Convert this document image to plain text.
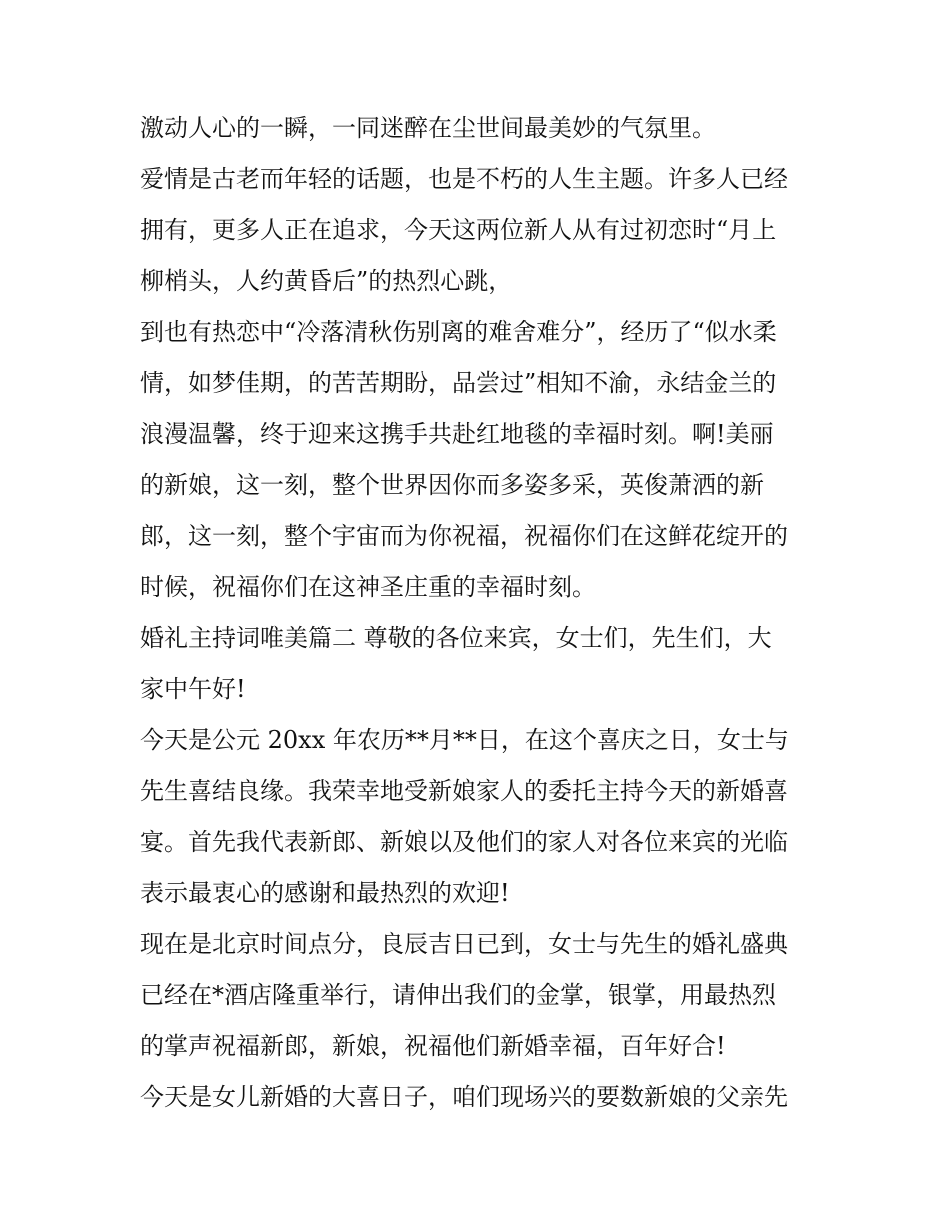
激动人心的一瞬，一同迷醉在尘世间最美妙的气氛里。
爱情是古老而年轻的话题，也是不朽的人生主题。许多人已经
拥有，更多人正在追求，今天这两位新人从有过初恋时“月上
柳梢头，人约黄昏后”的热烈心跳，
到也有热恋中“冷落清秋伤别离的难舍难分”，经历了“似水柔
情，如梦佳期，的苦苦期盼，品尝过”相知不渝，永结金兰的
浪漫温馨，终于迎来这携手共赴红地毯的幸福时刻。啊!美丽
的新娘，这一刻，整个世界因你而多姿多采，英俊萧洒的新
郎，这一刻，整个宇宙而为你祝福，祝福你们在这鲜花绽开的
时候，祝福你们在这神圣庄重的幸福时刻。
婚礼主持词唯美篇二 尊敬的各位来宾，女士们，先生们，大
家中午好!
今天是公元 20xx 年农历**月**日，在这个喜庆之日，女士与
先生喜结良缘。我荣幸地受新娘家人的委托主持今天的新婚喜
宴。首先我代表新郎、新娘以及他们的家人对各位来宾的光临
表示最衷心的感谢和最热烈的欢迎!
现在是北京时间点分，良辰吉日已到，女士与先生的婚礼盛典
已经在*酒店隆重举行，请伸出我们的金掌，银掌，用最热烈
的掌声祝福新郎，新娘，祝福他们新婚幸福，百年好合!
今天是女儿新婚的大喜日子，咱们现场兴的要数新娘的父亲先
